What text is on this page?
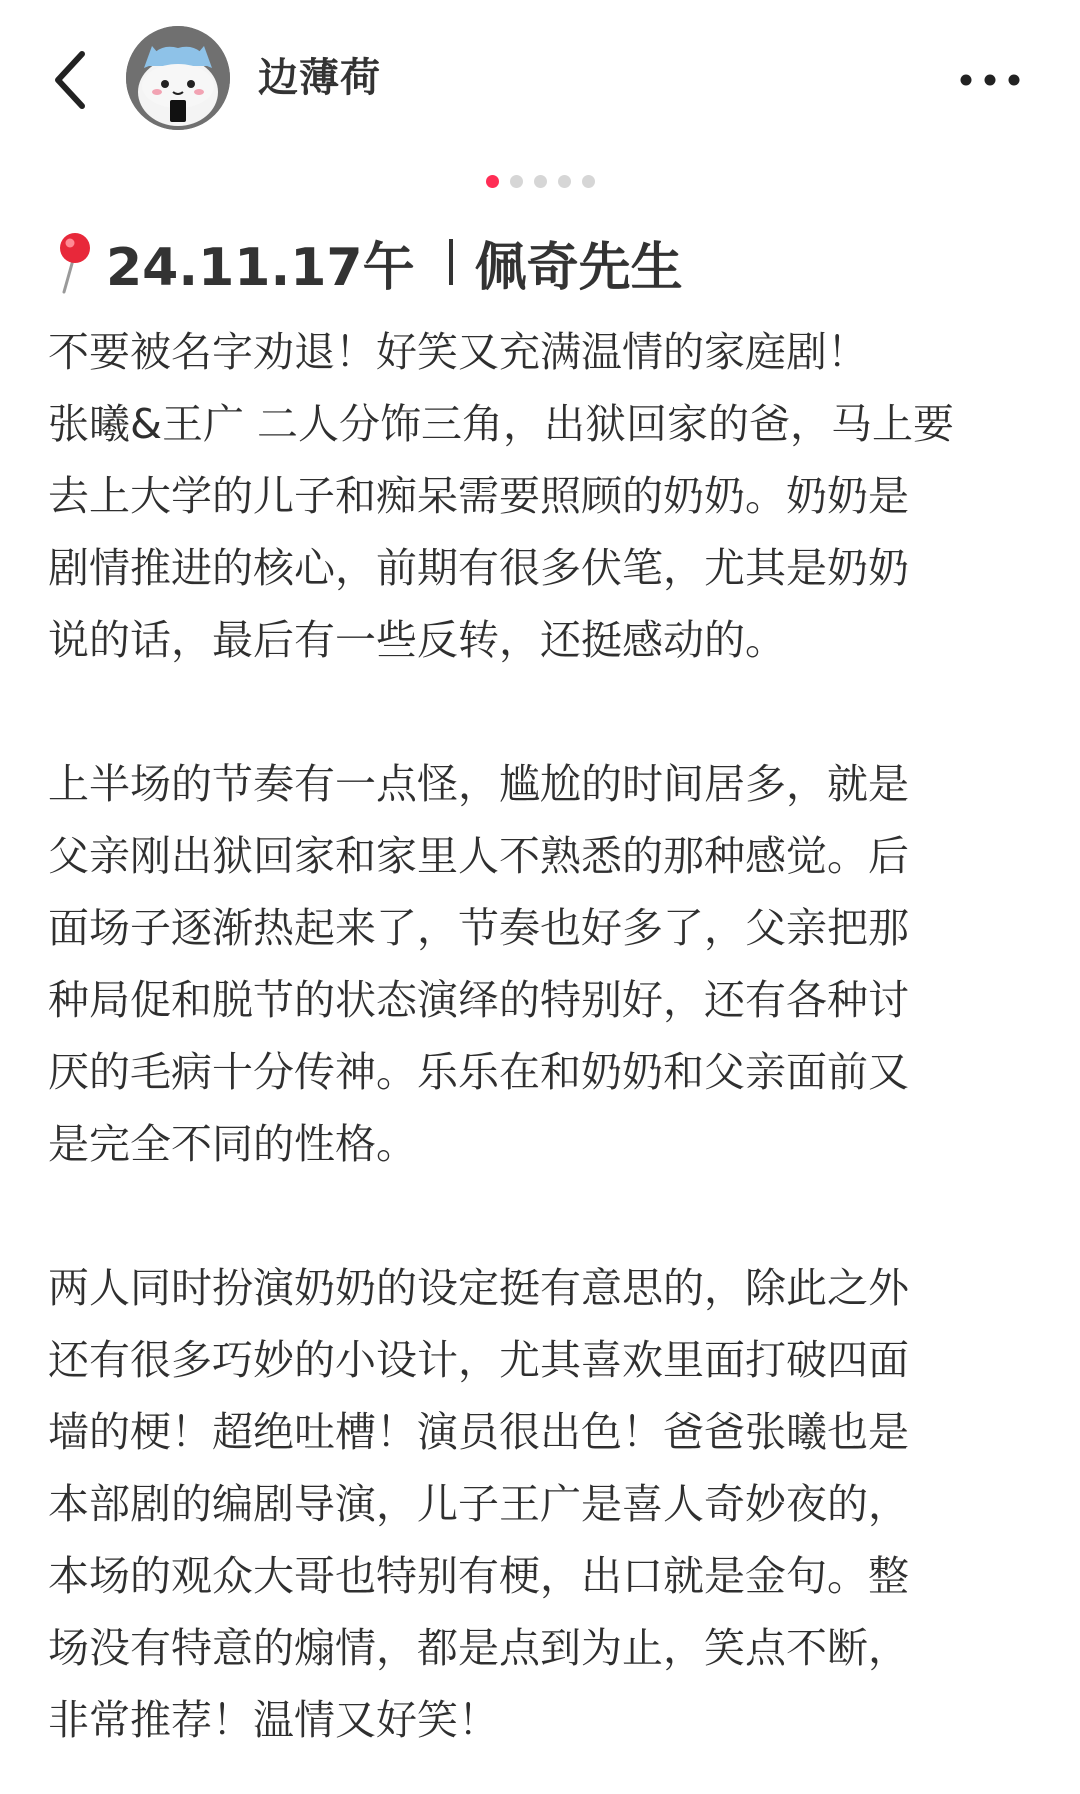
边薄荷
24.11.17午 佩奇先生

不要被名字劝退！好笑又充满温情的家庭剧！
张曦&王广 二人分饰三角，出狱回家的爸，马上要
去上大学的儿子和痴呆需要照顾的奶奶。奶奶是
剧情推进的核心，前期有很多伏笔，尤其是奶奶
说的话，最后有一些反转，还挺感动的。

上半场的节奏有一点怪，尴尬的时间居多，就是
父亲刚出狱回家和家里人不熟悉的那种感觉。后
面场子逐渐热起来了，节奏也好多了，父亲把那
种局促和脱节的状态演绎的特别好，还有各种讨
厌的毛病十分传神。乐乐在和奶奶和父亲面前又
是完全不同的性格。

两人同时扮演奶奶的设定挺有意思的，除此之外
还有很多巧妙的小设计，尤其喜欢里面打破四面
墙的梗！超绝吐槽！演员很出色！爸爸张曦也是
本部剧的编剧导演，儿子王广是喜人奇妙夜的，
本场的观众大哥也特别有梗，出口就是金句。整
场没有特意的煽情，都是点到为止，笑点不断，
非常推荐！温情又好笑！
